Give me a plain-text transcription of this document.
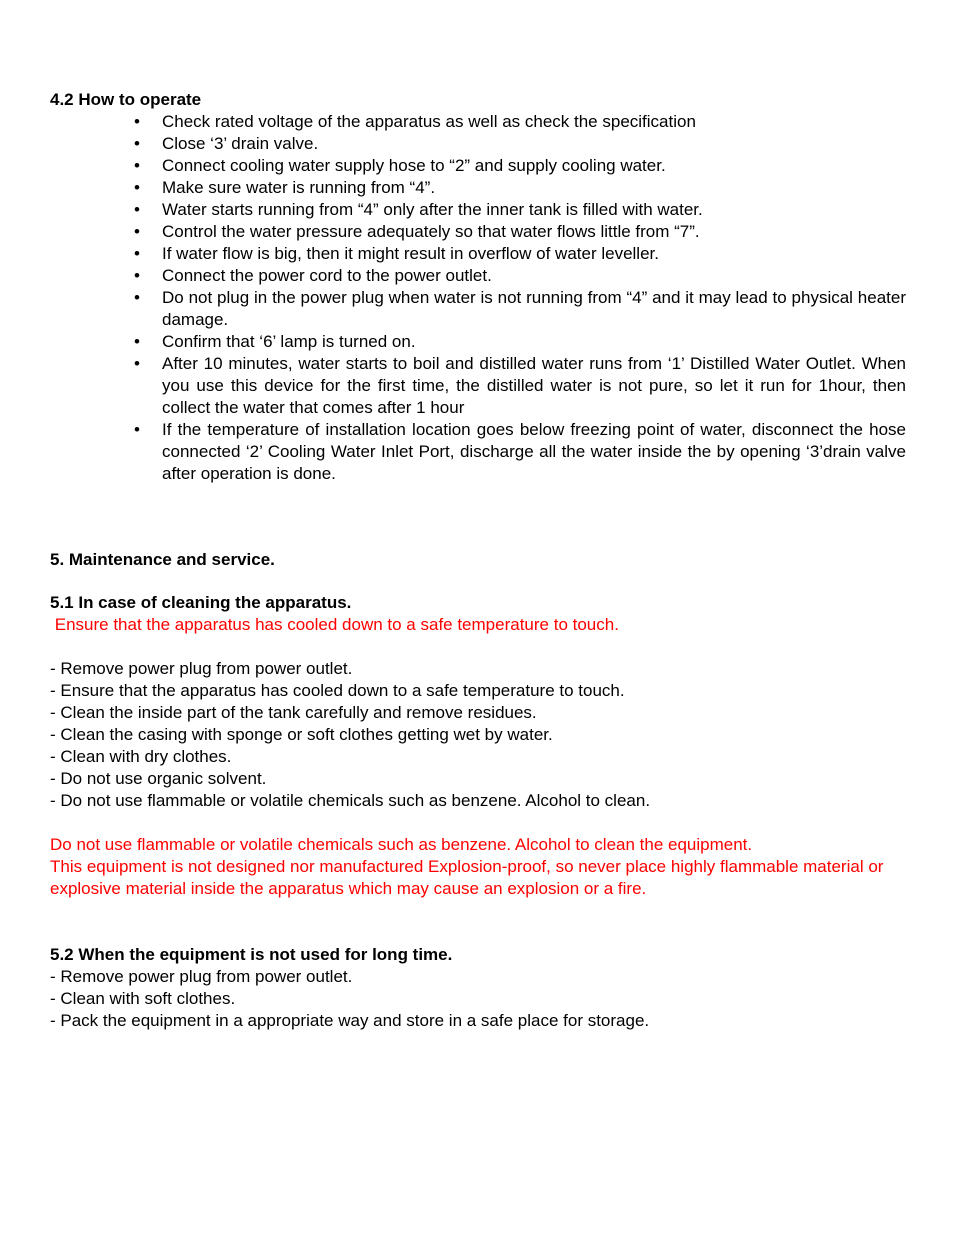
4.2 How to operate

• Check rated voltage of the apparatus as well as check the specification
• Close ‘3’ drain valve.
• Connect cooling water supply hose to “2” and supply cooling water.
• Make sure water is running from “4”.
• Water starts running from “4” only after the inner tank is filled with water.
• Control the water pressure adequately so that water flows little from “7”.
• If water flow is big, then it might result in overflow of water leveller.
• Connect the power cord to the power outlet.
• Do not plug in the power plug when water is not running from “4” and it may lead to physical heater damage.
• Confirm that ‘6’ lamp is turned on.
• After 10 minutes, water starts to boil and distilled water runs from ‘1’ Distilled Water Outlet. When you use this device for the first time, the distilled water is not pure, so let it run for 1hour, then collect the water that comes after 1 hour
• If the temperature of installation location goes below freezing point of water, disconnect the hose connected ‘2’ Cooling Water Inlet Port, discharge all the water inside the by opening ‘3’drain valve after operation is done.

5. Maintenance and service.

5.1 In case of cleaning the apparatus.

Ensure that the apparatus has cooled down to a safe temperature to touch.

- Remove power plug from power outlet.

- Ensure that the apparatus has cooled down to a safe temperature to touch.

- Clean the inside part of the tank carefully and remove residues.

- Clean the casing with sponge or soft clothes getting wet by water.

- Clean with dry clothes.

- Do not use organic solvent.

- Do not use flammable or volatile chemicals such as benzene. Alcohol to clean.

Do not use flammable or volatile chemicals such as benzene. Alcohol to clean the equipment.

This equipment is not designed nor manufactured Explosion-proof, so never place highly flammable material or explosive material inside the apparatus which may cause an explosion or a fire.

5.2 When the equipment is not used for long time.

- Remove power plug from power outlet.

- Clean with soft clothes.

- Pack the equipment in a appropriate way and store in a safe place for storage.
